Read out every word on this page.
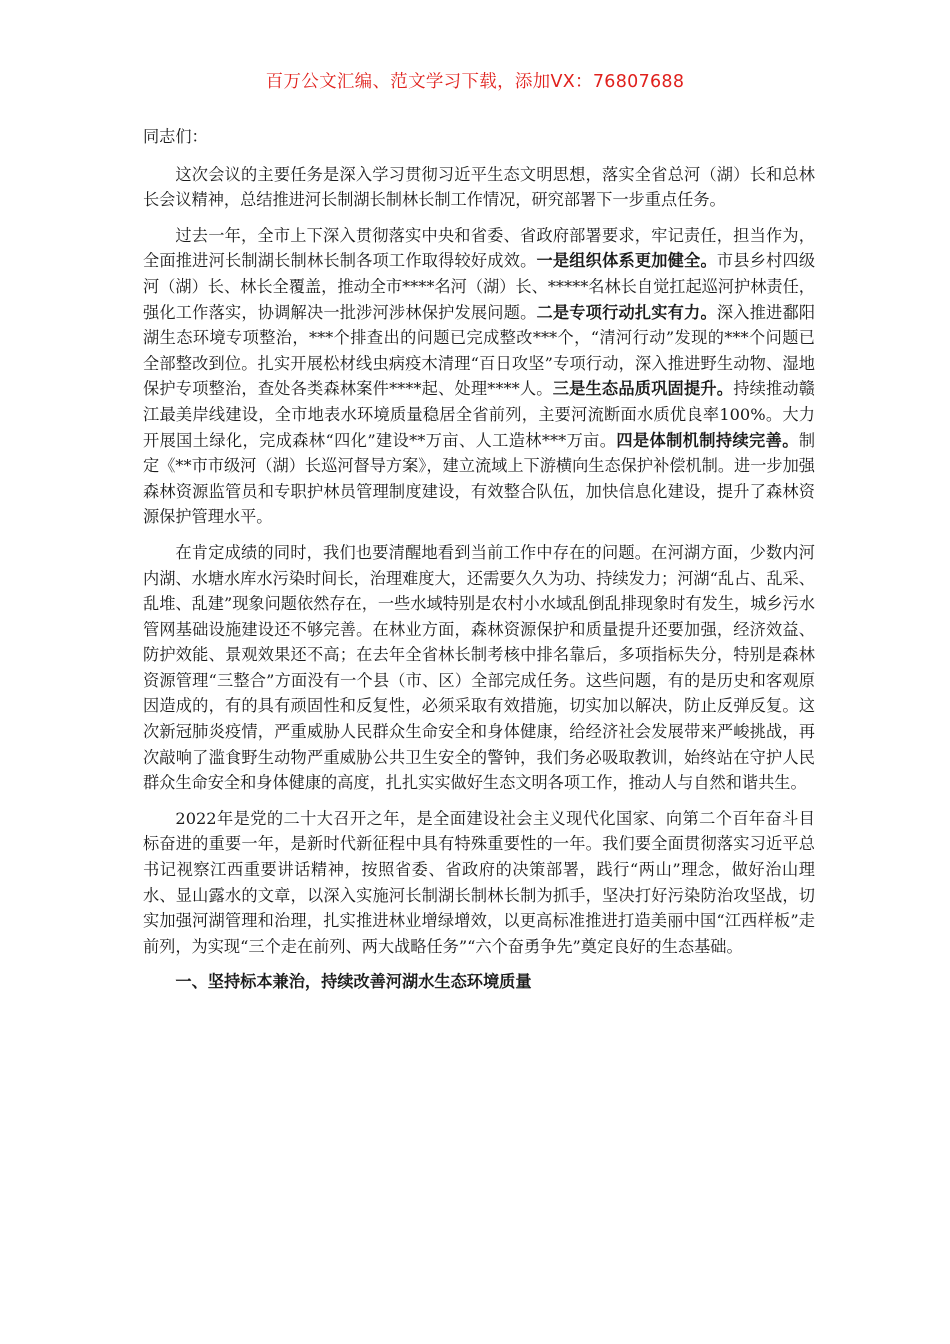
百万公文汇编、范文学习下载，添加VX：76807688

同志们：

这次会议的主要任务是深入学习贯彻习近平生态文明思想，落实全省总河（湖）长和总林长会议精神，总结推进河长制湖长制林长制工作情况，研究部署下一步重点任务。

过去一年，全市上下深入贯彻落实中央和省委、省政府部署要求，牢记责任，担当作为，全面推进河长制湖长制林长制各项工作取得较好成效。一是组织体系更加健全。市县乡村四级河（湖）长、林长全覆盖，推动全市****名河（湖）长、*****名林长自觉扛起巡河护林责任，强化工作落实，协调解决一批涉河涉林保护发展问题。二是专项行动扎实有力。深入推进鄱阳湖生态环境专项整治，***个排查出的问题已完成整改***个，“清河行动”发现的***个问题已全部整改到位。扎实开展松材线虫病疫木清理“百日攻坚”专项行动，深入推进野生动物、湿地保护专项整治，查处各类森林案件****起、处理****人。三是生态品质巩固提升。持续推动赣江最美岸线建设，全市地表水环境质量稳居全省前列，主要河流断面水质优良率100%。大力开展国土绿化，完成森林“四化”建设**万亩、人工造林***万亩。四是体制机制持续完善。制定《**市市级河（湖）长巡河督导方案》，建立流域上下游横向生态保护补偿机制。进一步加强森林资源监管员和专职护林员管理制度建设，有效整合队伍，加快信息化建设，提升了森林资源保护管理水平。

在肯定成绩的同时，我们也要清醒地看到当前工作中存在的问题。在河湖方面，少数内河内湖、水塘水库水污染时间长，治理难度大，还需要久久为功、持续发力；河湖“乱占、乱采、乱堆、乱建”现象问题依然存在，一些水域特别是农村小水域乱倒乱排现象时有发生，城乡污水管网基础设施建设还不够完善。在林业方面，森林资源保护和质量提升还要加强，经济效益、防护效能、景观效果还不高；在去年全省林长制考核中排名靠后，多项指标失分，特别是森林资源管理“三整合”方面没有一个县（市、区）全部完成任务。这些问题，有的是历史和客观原因造成的，有的具有顽固性和反复性，必须采取有效措施，切实加以解决，防止反弹反复。这次新冠肺炎疫情，严重威胁人民群众生命安全和身体健康，给经济社会发展带来严峻挑战，再次敲响了滥食野生动物严重威胁公共卫生安全的警钟，我们务必吸取教训，始终站在守护人民群众生命安全和身体健康的高度，扎扎实实做好生态文明各项工作，推动人与自然和谐共生。

2022年是党的二十大召开之年，是全面建设社会主义现代化国家、向第二个百年奋斗目标奋进的重要一年，是新时代新征程中具有特殊重要性的一年。我们要全面贯彻落实习近平总书记视察江西重要讲话精神，按照省委、省政府的决策部署，践行“两山”理念，做好治山理水、显山露水的文章，以深入实施河长制湖长制林长制为抓手，坚决打好污染防治攻坚战，切实加强河湖管理和治理，扎实推进林业增绿增效，以更高标准推进打造美丽中国“江西样板”走前列，为实现“三个走在前列、两大战略任务”“六个奋勇争先”奠定良好的生态基础。

一、坚持标本兼治，持续改善河湖水生态环境质量
